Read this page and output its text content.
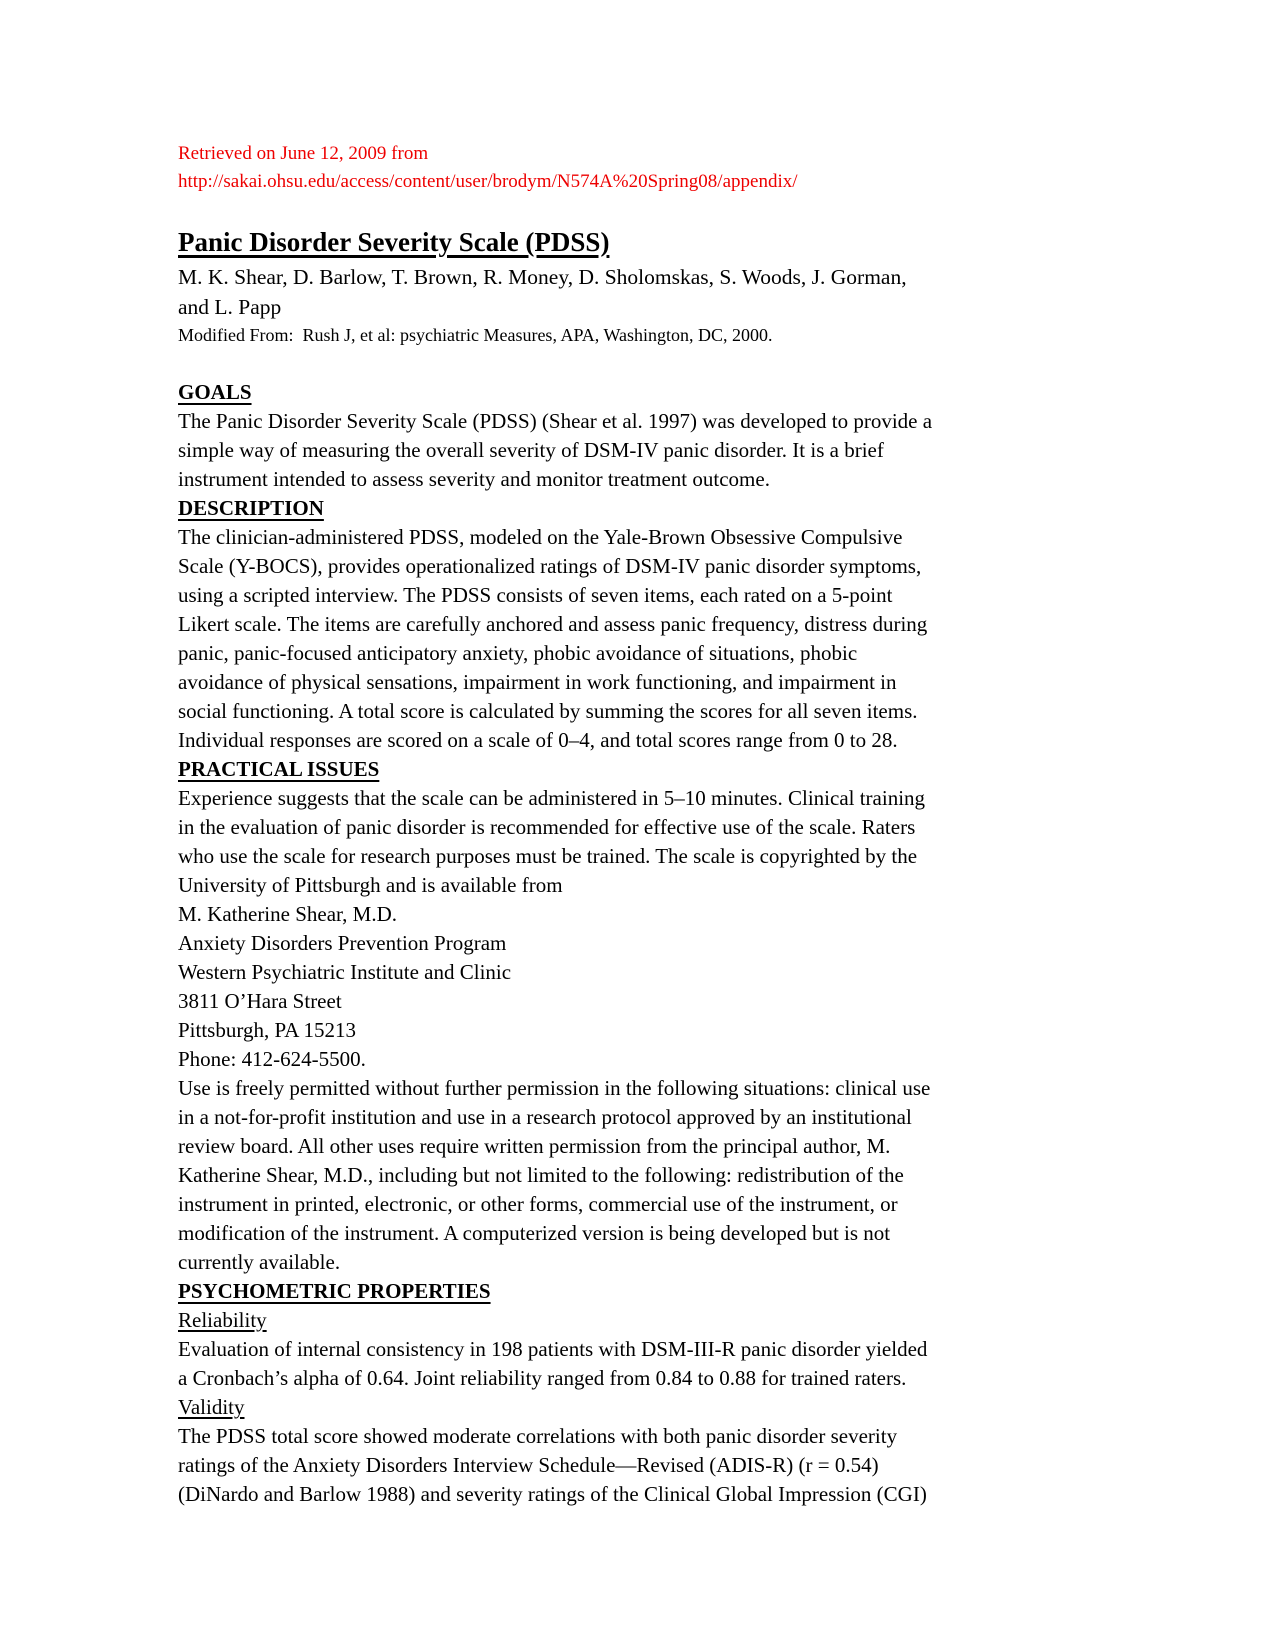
Retrieved on June 12, 2009 from
http://sakai.ohsu.edu/access/content/user/brodym/N574A%20Spring08/appendix/
Panic Disorder Severity Scale (PDSS)
M. K. Shear, D. Barlow, T. Brown, R. Money, D. Sholomskas, S. Woods, J. Gorman,
and L. Papp
Modified From:  Rush J, et al: psychiatric Measures, APA, Washington, DC, 2000.
GOALS
The Panic Disorder Severity Scale (PDSS) (Shear et al. 1997) was developed to provide a
simple way of measuring the overall severity of DSM-IV panic disorder. It is a brief
instrument intended to assess severity and monitor treatment outcome.
DESCRIPTION
The clinician-administered PDSS, modeled on the Yale-Brown Obsessive Compulsive
Scale (Y-BOCS), provides operationalized ratings of DSM-IV panic disorder symptoms,
using a scripted interview. The PDSS consists of seven items, each rated on a 5-point
Likert scale. The items are carefully anchored and assess panic frequency, distress during
panic, panic-focused anticipatory anxiety, phobic avoidance of situations, phobic
avoidance of physical sensations, impairment in work functioning, and impairment in
social functioning. A total score is calculated by summing the scores for all seven items.
Individual responses are scored on a scale of 0–4, and total scores range from 0 to 28.
PRACTICAL ISSUES
Experience suggests that the scale can be administered in 5–10 minutes. Clinical training
in the evaluation of panic disorder is recommended for effective use of the scale. Raters
who use the scale for research purposes must be trained. The scale is copyrighted by the
University of Pittsburgh and is available from
M. Katherine Shear, M.D.
Anxiety Disorders Prevention Program
Western Psychiatric Institute and Clinic
3811 O’Hara Street
Pittsburgh, PA 15213
Phone: 412-624-5500.
Use is freely permitted without further permission in the following situations: clinical use
in a not-for-profit institution and use in a research protocol approved by an institutional
review board. All other uses require written permission from the principal author, M.
Katherine Shear, M.D., including but not limited to the following: redistribution of the
instrument in printed, electronic, or other forms, commercial use of the instrument, or
modification of the instrument. A computerized version is being developed but is not
currently available.
PSYCHOMETRIC PROPERTIES
Reliability
Evaluation of internal consistency in 198 patients with DSM-III-R panic disorder yielded
a Cronbach’s alpha of 0.64. Joint reliability ranged from 0.84 to 0.88 for trained raters.
Validity
The PDSS total score showed moderate correlations with both panic disorder severity
ratings of the Anxiety Disorders Interview Schedule—Revised (ADIS-R) (r = 0.54)
(DiNardo and Barlow 1988) and severity ratings of the Clinical Global Impression (CGI)
